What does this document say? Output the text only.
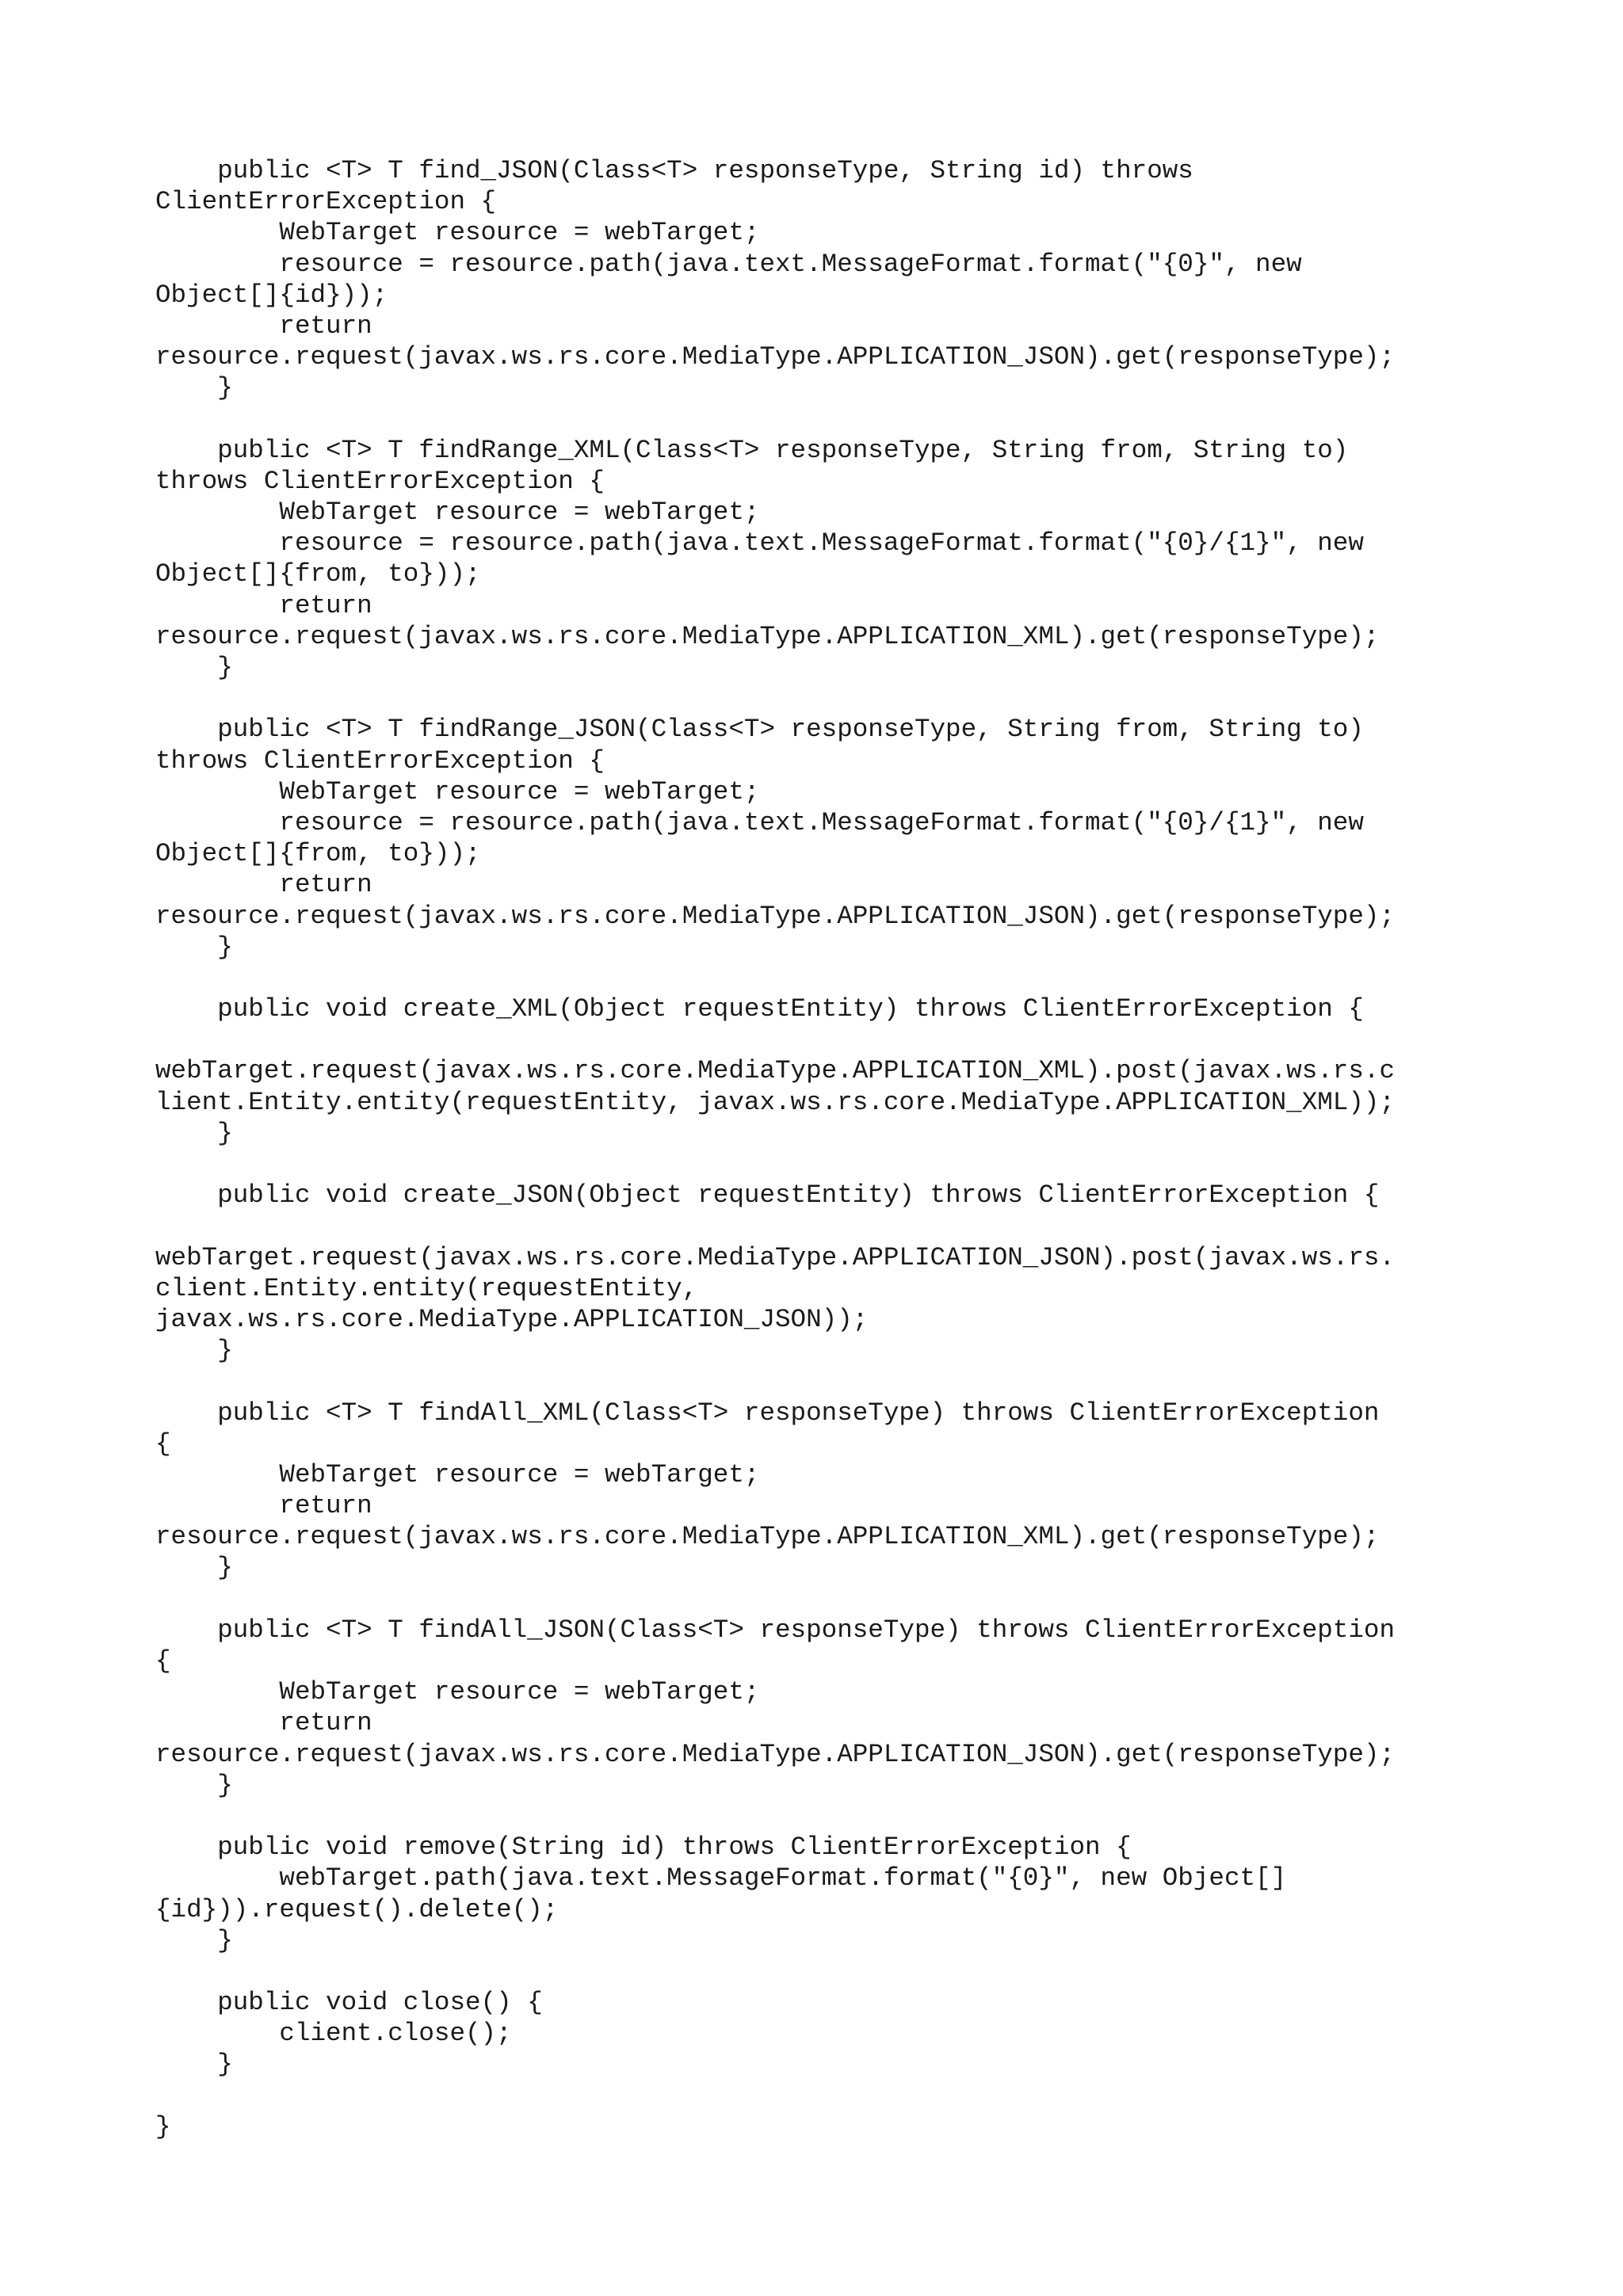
public <T> T find_JSON(Class<T> responseType, String id) throws
ClientErrorException {
WebTarget resource = webTarget;
resource = resource.path(java.text.MessageFormat.format("{0}", new
Object[]{id}));
return
resource.request(javax.ws.rs.core.MediaType.APPLICATION_JSON).get(responseType);
}
public <T> T findRange_XML(Class<T> responseType, String from, String to)
throws ClientErrorException {
WebTarget resource = webTarget;
resource = resource.path(java.text.MessageFormat.format("{0}/{1}", new
Object[]{from, to}));
return
resource.request(javax.ws.rs.core.MediaType.APPLICATION_XML).get(responseType);
}
public <T> T findRange_JSON(Class<T> responseType, String from, String to)
throws ClientErrorException {
WebTarget resource = webTarget;
resource = resource.path(java.text.MessageFormat.format("{0}/{1}", new
Object[]{from, to}));
return
resource.request(javax.ws.rs.core.MediaType.APPLICATION_JSON).get(responseType);
}
public void create_XML(Object requestEntity) throws ClientErrorException {
webTarget.request(javax.ws.rs.core.MediaType.APPLICATION_XML).post(javax.ws.rs.c
lient.Entity.entity(requestEntity, javax.ws.rs.core.MediaType.APPLICATION_XML));
}
public void create_JSON(Object requestEntity) throws ClientErrorException {
webTarget.request(javax.ws.rs.core.MediaType.APPLICATION_JSON).post(javax.ws.rs.
client.Entity.entity(requestEntity,
javax.ws.rs.core.MediaType.APPLICATION_JSON));
}
public <T> T findAll_XML(Class<T> responseType) throws ClientErrorException
{
WebTarget resource = webTarget;
return
resource.request(javax.ws.rs.core.MediaType.APPLICATION_XML).get(responseType);
}
public <T> T findAll_JSON(Class<T> responseType) throws ClientErrorException
{
WebTarget resource = webTarget;
return
resource.request(javax.ws.rs.core.MediaType.APPLICATION_JSON).get(responseType);
}
public void remove(String id) throws ClientErrorException {
webTarget.path(java.text.MessageFormat.format("{0}", new Object[]
{id})).request().delete();
}
public void close() {
client.close();
}
}
